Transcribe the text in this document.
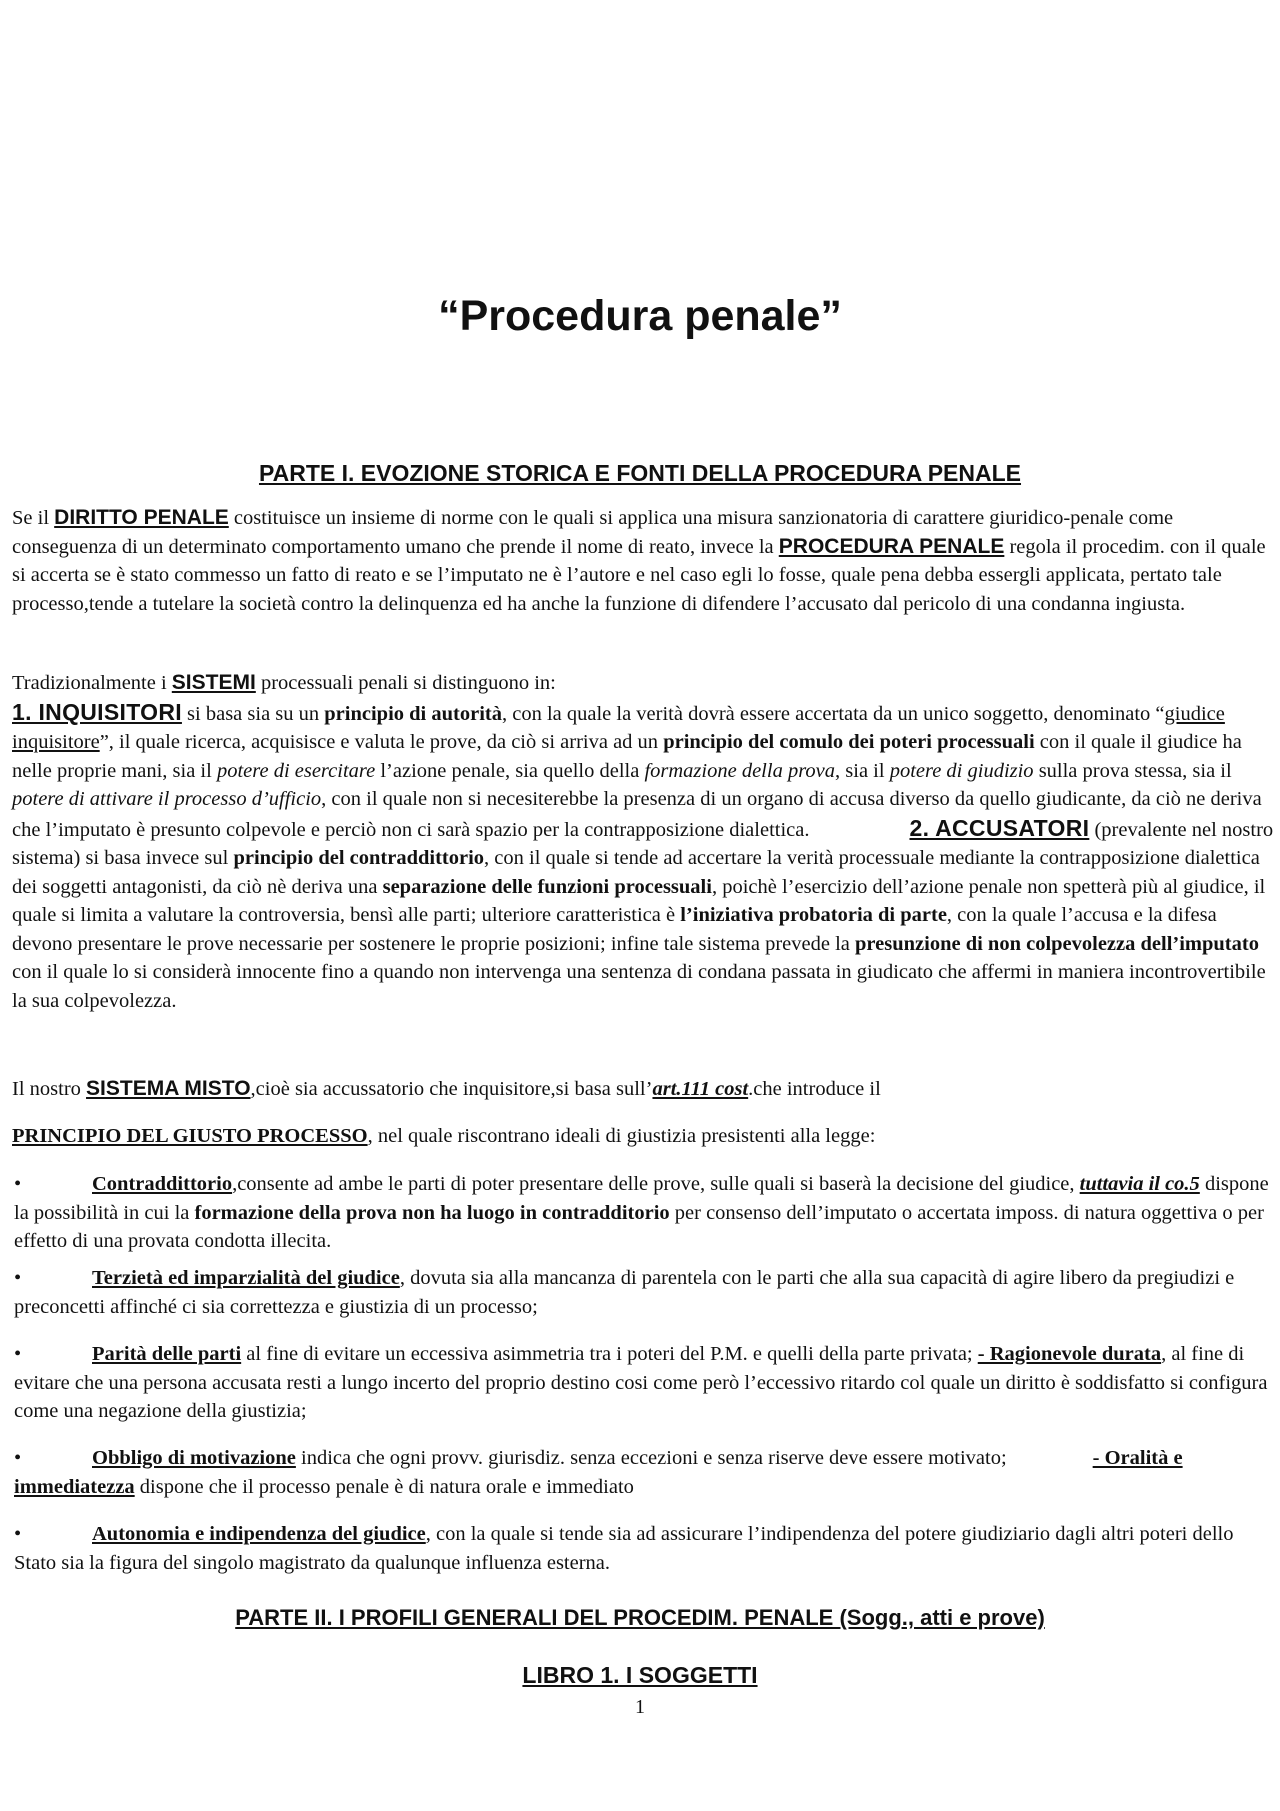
“Procedura penale”
PARTE I. EVOZIONE STORICA E FONTI DELLA PROCEDURA PENALE

Se il DIRITTO PENALE costituisce un insieme di norme con le quali si applica una misura sanzionatoria di carattere giuridico-penale come conseguenza di un determinato comportamento umano che prende il nome di reato, invece la PROCEDURA PENALE regola il procedim. con il quale si accerta se è stato commesso un fatto di reato e se l’imputato ne è l’autore e nel caso egli lo fosse, quale pena debba essergli applicata, pertato tale processo,tende a tutelare la società contro la delinquenza ed ha anche la funzione di difendere l’accusato dal pericolo di una condanna ingiusta.

Tradizionalmente i SISTEMI processuali penali si distinguono in:
1. INQUISITORI si basa sia su un principio di autorità, con la quale la verità dovrà essere accertata da un unico soggetto, denominato “giudice inquisitore”, il quale ricerca, acquisisce e valuta le prove, da ciò si arriva ad un principio del comulo dei poteri processuali con il quale il giudice ha nelle proprie mani, sia il potere di esercitare l’azione penale, sia quello della formazione della prova, sia il potere di giudizio sulla prova stessa, sia il potere di attivare il processo d’ufficio, con il quale non si necesiterebbe la presenza di un organo di accusa diverso da quello giudicante, da ciò ne deriva che l’imputato è presunto colpevole e perciò non ci sarà spazio per la contrapposizione dialettica.	2. ACCUSATORI (prevalente nel nostro sistema) si basa invece sul principio del contraddittorio, con il quale si tende ad accertare la verità processuale mediante la contrapposizione dialettica dei soggetti antagonisti, da ciò nè deriva una separazione delle funzioni processuali, poichè l’esercizio dell’azione penale non spetterà più al giudice, il quale si limita a valutare la controversia, bensì alle parti; ulteriore caratteristica è l’iniziativa probatoria di parte, con la quale l’accusa e la difesa devono presentare le prove necessarie per sostenere le proprie posizioni; infine tale sistema prevede la presunzione di non colpevolezza dell’imputato con il quale lo si considerà innocente fino a quando non intervenga una sentenza di condana passata in giudicato che affermi in maniera incontrovertibile la sua colpevolezza.

Il nostro SISTEMA MISTO,cioè sia accussatorio che inquisitore,si basa sull’art.111 cost.che introduce il

PRINCIPIO DEL GIUSTO PROCESSO, nel quale riscontrano ideali di giustizia presistenti alla legge:

•	Contraddittorio,consente ad ambe le parti di poter presentare delle prove, sulle quali si baserà la decisione del giudice, tuttavia il co.5 dispone la possibilità in cui la formazione della prova non ha luogo in contradditorio per consenso dell’imputato o accertata imposs. di natura oggettiva o per effetto di una provata condotta illecita.

•	Terzietà ed imparzialità del giudice, dovuta sia alla mancanza di parentela con le parti che alla sua capacità di agire libero da pregiudizi e preconcetti affinché ci sia correttezza e giustizia di un processo;

•	Parità delle parti al fine di evitare un eccessiva asimmetria tra i poteri del P.M. e quelli della parte privata; - Ragionevole durata, al fine di evitare che una persona accusata resti a lungo incerto del proprio destino cosi come però l’eccessivo ritardo col quale un diritto è soddisfatto si configura come una negazione della giustizia;

•	Obbligo di motivazione indica che ogni provv. giurisdiz. senza eccezioni e senza riserve deve essere motivato;	- Oralità e immediatezza dispone che il processo penale è di natura orale e immediato

•	Autonomia e indipendenza del giudice, con la quale si tende sia ad assicurare l’indipendenza del potere giudiziario dagli altri poteri dello Stato sia la figura del singolo magistrato da qualunque influenza esterna.

PARTE II. I PROFILI GENERALI DEL PROCEDIM. PENALE (Sogg., atti e prove)
LIBRO 1. I SOGGETTI
1
